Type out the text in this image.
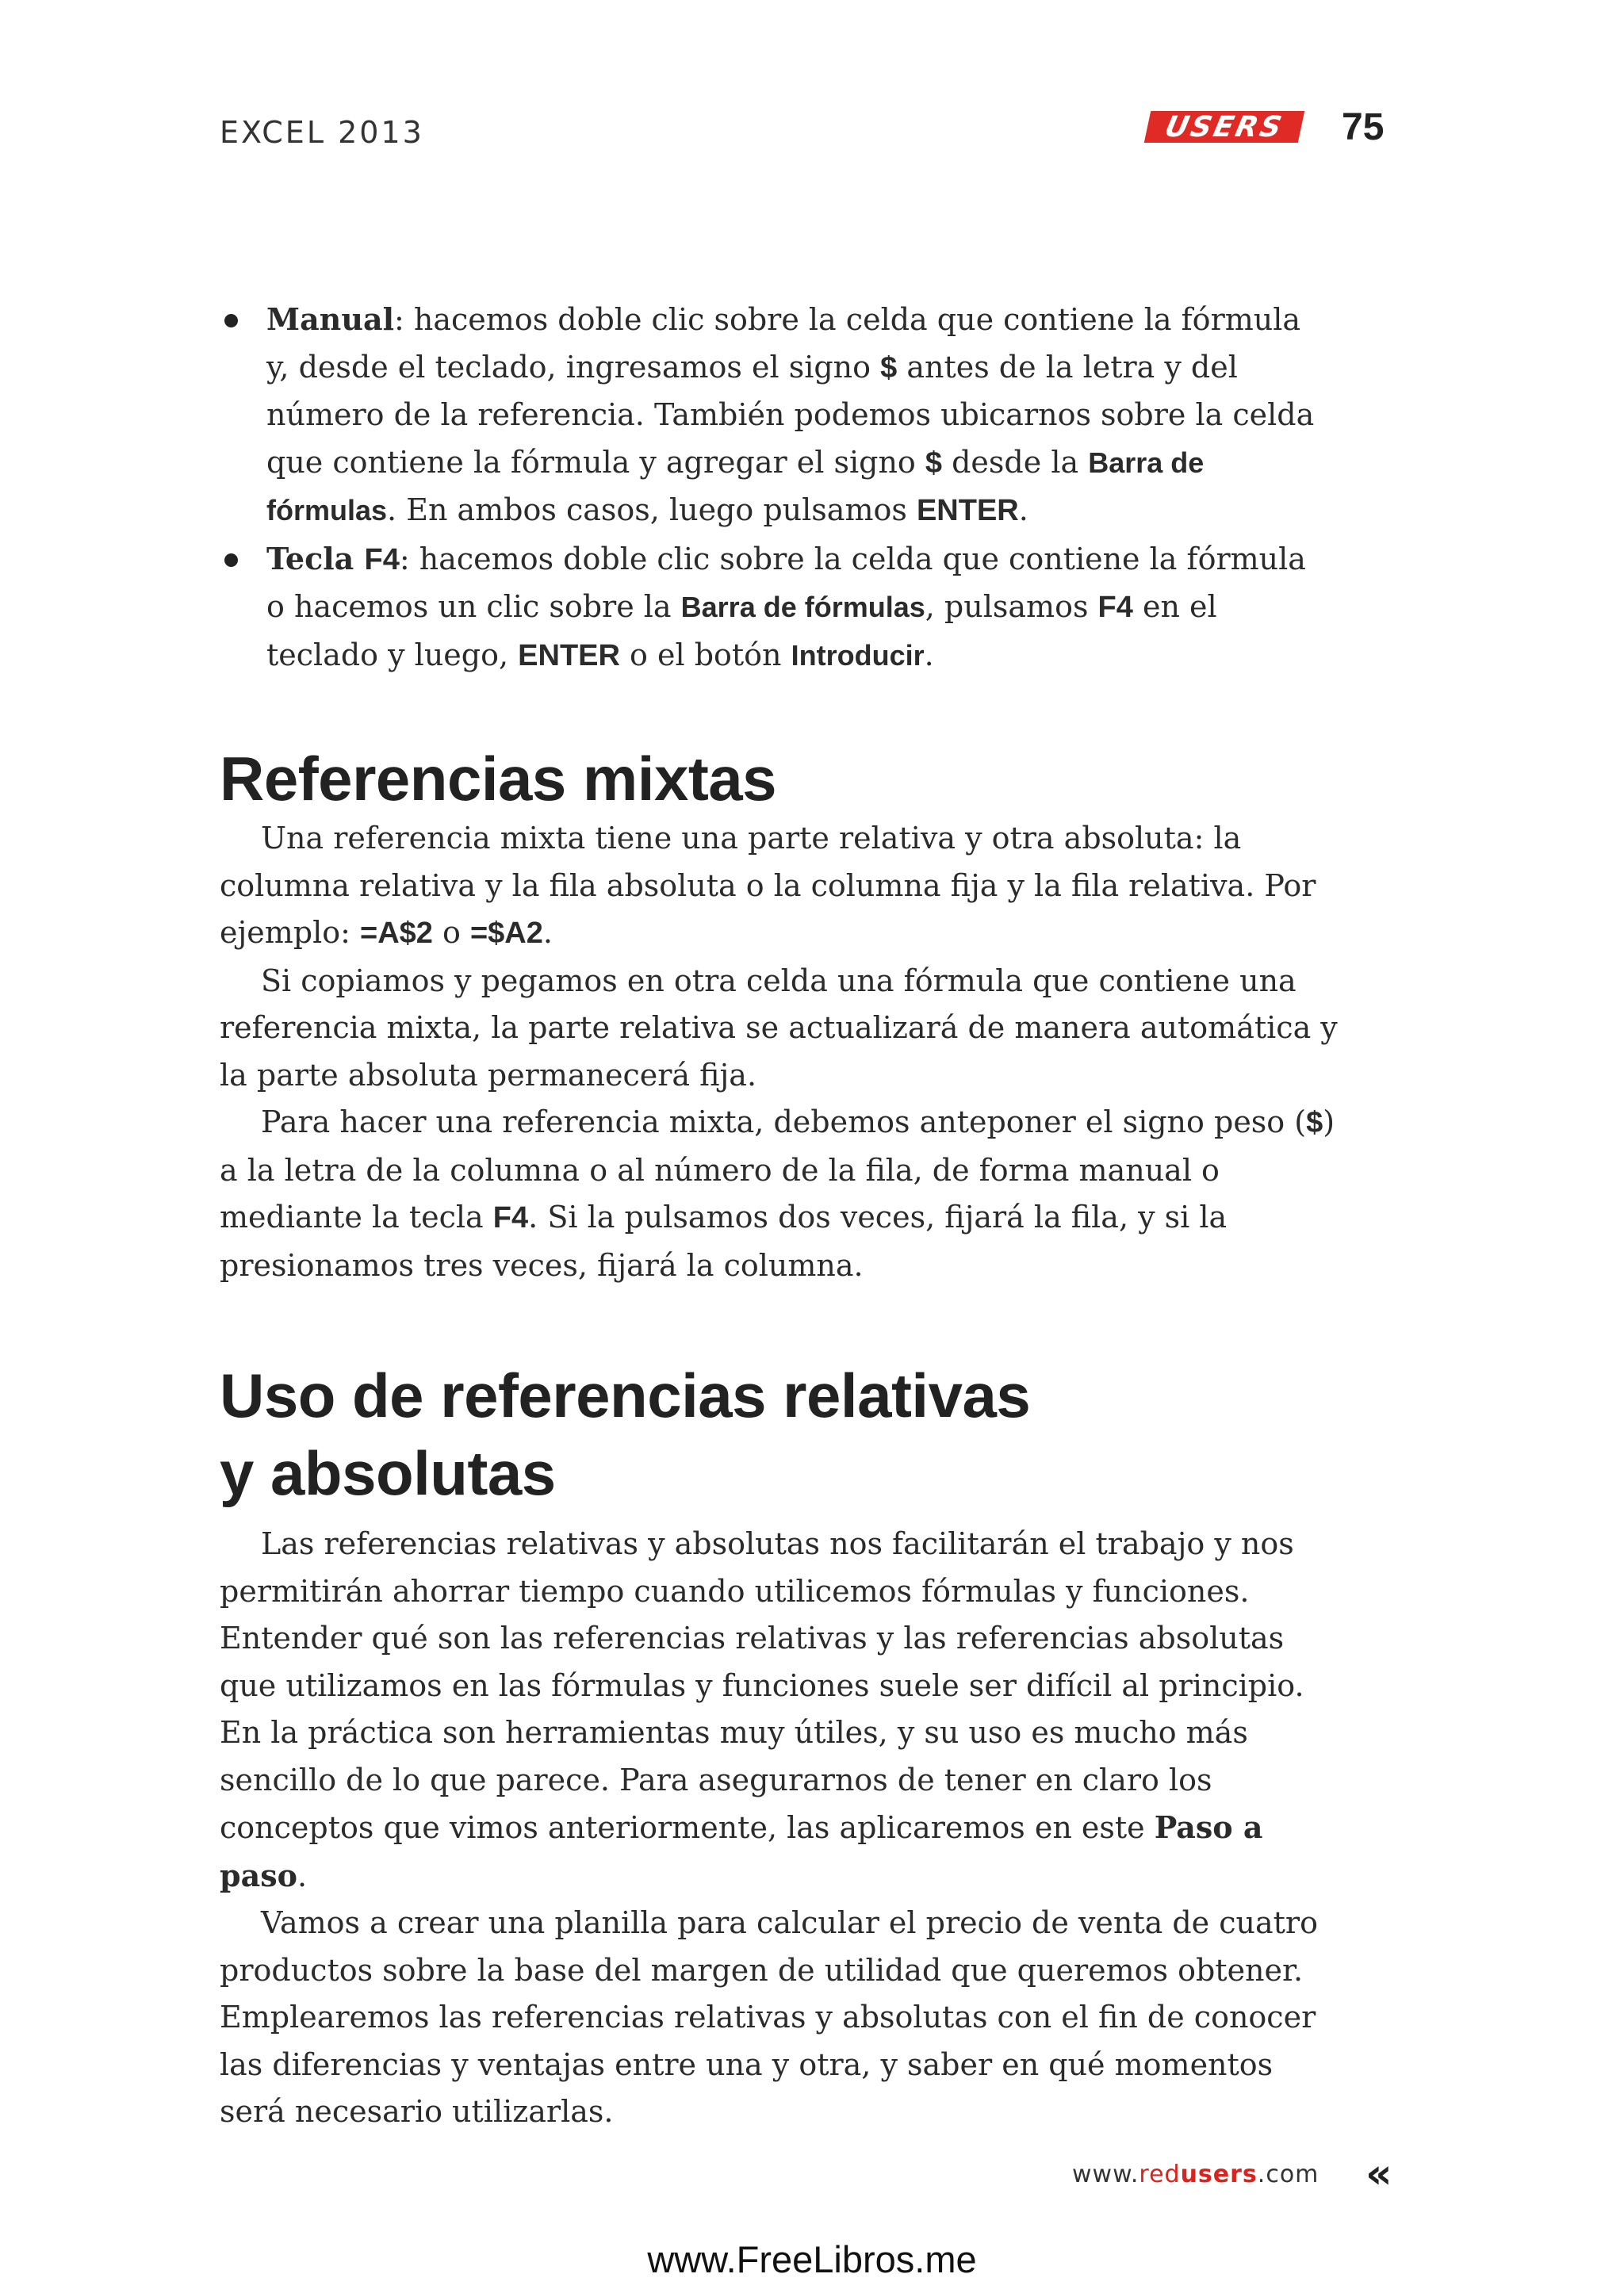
EXCEL 2013	USERS 75
Manual: hacemos doble clic sobre la celda que contiene la fórmula y, desde el teclado, ingresamos el signo $ antes de la letra y del número de la referencia. También podemos ubicarnos sobre la celda que contiene la fórmula y agregar el signo $ desde la Barra de fórmulas. En ambos casos, luego pulsamos ENTER.
Tecla F4: hacemos doble clic sobre la celda que contiene la fórmula o hacemos un clic sobre la Barra de fórmulas, pulsamos F4 en el teclado y luego, ENTER o el botón Introducir.
Referencias mixtas

Una referencia mixta tiene una parte relativa y otra absoluta: la columna relativa y la fila absoluta o la columna fija y la fila relativa. Por ejemplo: =A$2 o =$A2.

Si copiamos y pegamos en otra celda una fórmula que contiene una referencia mixta, la parte relativa se actualizará de manera automática y la parte absoluta permanecerá fija.

Para hacer una referencia mixta, debemos anteponer el signo peso ($) a la letra de la columna o al número de la fila, de forma manual o mediante la tecla F4. Si la pulsamos dos veces, fijará la fila, y si la presionamos tres veces, fijará la columna.

Uso de referencias relativas
y absolutas

Las referencias relativas y absolutas nos facilitarán el trabajo y nos permitirán ahorrar tiempo cuando utilicemos fórmulas y funciones. Entender qué son las referencias relativas y las referencias absolutas que utilizamos en las fórmulas y funciones suele ser difícil al principio. En la práctica son herramientas muy útiles, y su uso es mucho más sencillo de lo que parece. Para asegurarnos de tener en claro los conceptos que vimos anteriormente, las aplicaremos en este Paso a paso.

Vamos a crear una planilla para calcular el precio de venta de cuatro productos sobre la base del margen de utilidad que queremos obtener. Emplearemos las referencias relativas y absolutas con el fin de conocer las diferencias y ventajas entre una y otra, y saber en qué momentos será necesario utilizarlas.

www.redusers.com «
www.FreeLibros.me
